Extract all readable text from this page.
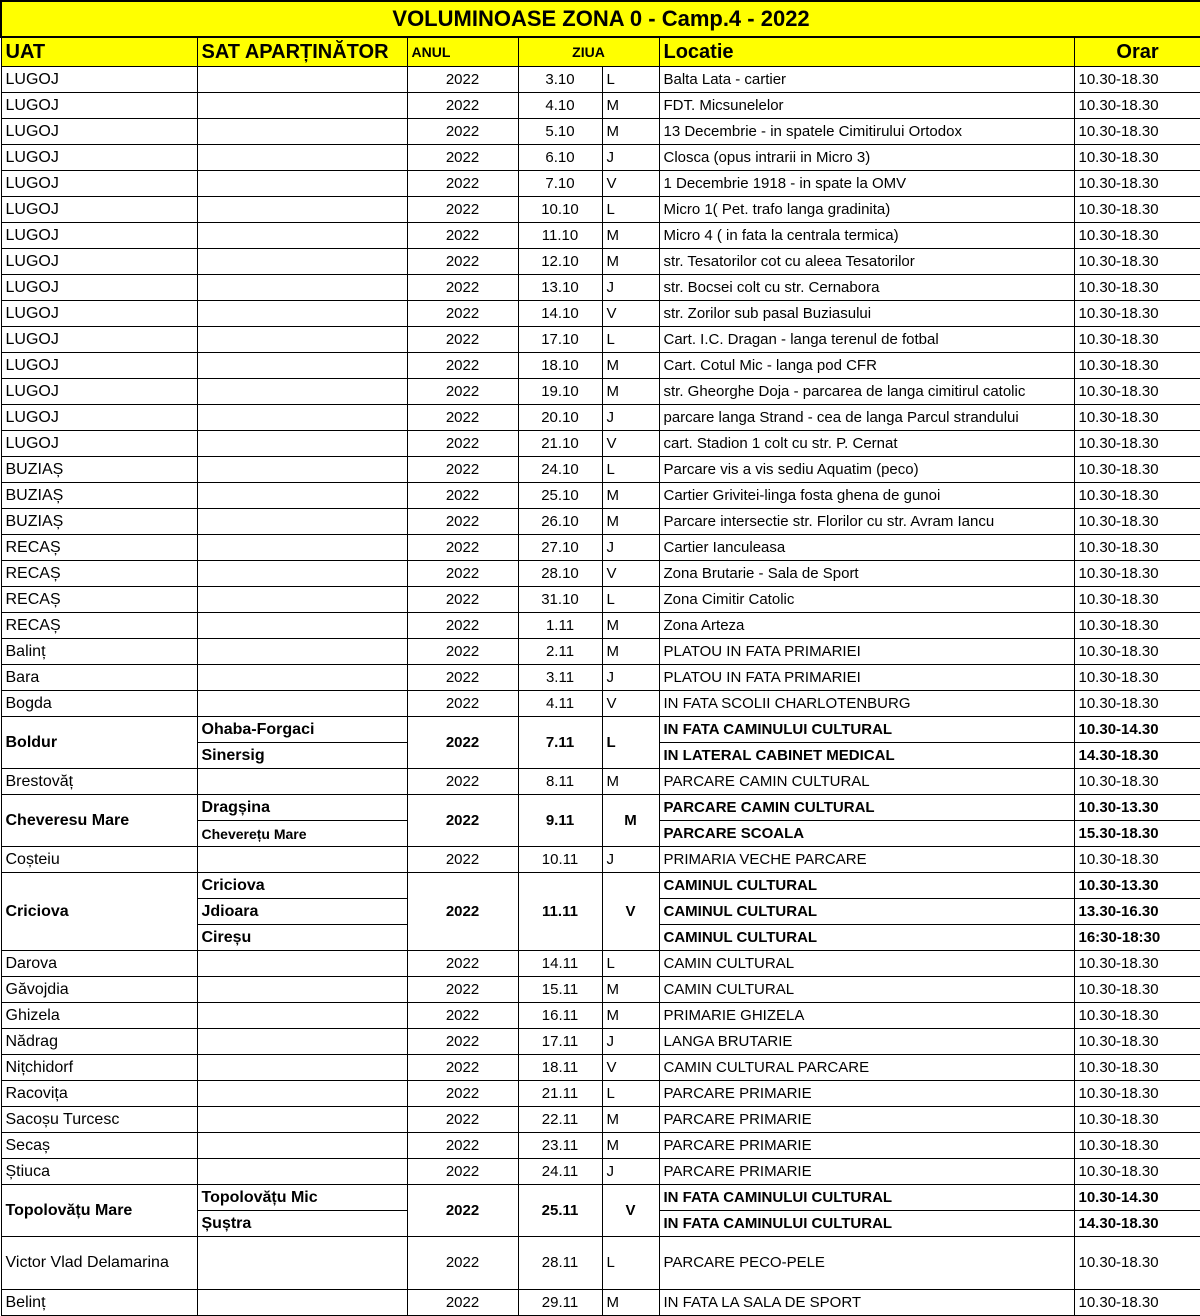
VOLUMINOASE ZONA 0 - Camp.4 - 2022						
UAT	SAT APARȚINĂTOR	ANUL	ZIUA		Locatie	Orar
LUGOJ		2022	3.10	L	Balta Lata - cartier	10.30-18.30
LUGOJ		2022	4.10	M	FDT. Micsunelelor	10.30-18.30
LUGOJ		2022	5.10	M	13 Decembrie - in spatele Cimitirului Ortodox	10.30-18.30
LUGOJ		2022	6.10	J	Closca (opus intrarii in Micro 3)	10.30-18.30
LUGOJ		2022	7.10	V	1 Decembrie 1918 - in spate la OMV	10.30-18.30
LUGOJ		2022	10.10	L	Micro 1( Pet. trafo langa gradinita)	10.30-18.30
LUGOJ		2022	11.10	M	Micro 4 ( in fata la centrala termica)	10.30-18.30
LUGOJ		2022	12.10	M	str. Tesatorilor cot cu aleea Tesatorilor	10.30-18.30
LUGOJ		2022	13.10	J	str. Bocsei colt cu str. Cernabora	10.30-18.30
LUGOJ		2022	14.10	V	str. Zorilor sub pasal Buziasului	10.30-18.30
LUGOJ		2022	17.10	L	Cart. I.C. Dragan - langa terenul de fotbal	10.30-18.30
LUGOJ		2022	18.10	M	Cart. Cotul Mic - langa pod CFR	10.30-18.30
LUGOJ		2022	19.10	M	str. Gheorghe Doja - parcarea de langa cimitirul catolic	10.30-18.30
LUGOJ		2022	20.10	J	parcare langa Strand - cea de langa Parcul strandului	10.30-18.30
LUGOJ		2022	21.10	V	cart. Stadion 1 colt cu str. P. Cernat	10.30-18.30
BUZIAȘ		2022	24.10	L	Parcare vis a vis sediu Aquatim (peco)	10.30-18.30
BUZIAȘ		2022	25.10	M	Cartier Grivitei-linga fosta ghena de gunoi	10.30-18.30
BUZIAȘ		2022	26.10	M	Parcare intersectie str. Florilor cu str. Avram Iancu	10.30-18.30
RECAȘ		2022	27.10	J	Cartier Ianculeasa	10.30-18.30
RECAȘ		2022	28.10	V	Zona Brutarie - Sala de Sport	10.30-18.30
RECAȘ		2022	31.10	L	Zona Cimitir Catolic	10.30-18.30
RECAȘ		2022	1.11	M	Zona Arteza	10.30-18.30
Balinț		2022	2.11	M	PLATOU IN FATA PRIMARIEI	10.30-18.30
Bara		2022	3.11	J	PLATOU IN FATA PRIMARIEI	10.30-18.30
Bogda		2022	4.11	V	IN FATA SCOLII CHARLOTENBURG	10.30-18.30
Boldur	Ohaba-Forgaci	2022	7.11	L	IN FATA CAMINULUI CULTURAL	10.30-14.30
	Sinersig				IN LATERAL CABINET MEDICAL	14.30-18.30
Brestovăț		2022	8.11	M	PARCARE CAMIN CULTURAL	10.30-18.30
Cheveresu Mare	Dragșina	2022	9.11	M	PARCARE CAMIN CULTURAL	10.30-13.30
	Cheverețu Mare				PARCARE SCOALA	15.30-18.30
Coșteiu		2022	10.11	J	PRIMARIA VECHE PARCARE	10.30-18.30
Criciova	Criciova	2022	11.11	V	CAMINUL CULTURAL	10.30-13.30
	Jdioara				CAMINUL CULTURAL	13.30-16.30
	Cireșu				CAMINUL CULTURAL	16:30-18:30
Darova		2022	14.11	L	CAMIN CULTURAL	10.30-18.30
Găvojdia		2022	15.11	M	CAMIN CULTURAL	10.30-18.30
Ghizela		2022	16.11	M	PRIMARIE GHIZELA	10.30-18.30
Nădrag		2022	17.11	J	LANGA BRUTARIE	10.30-18.30
Nițchidorf		2022	18.11	V	CAMIN CULTURAL PARCARE	10.30-18.30
Racovița		2022	21.11	L	PARCARE PRIMARIE	10.30-18.30
Sacoșu Turcesc		2022	22.11	M	PARCARE PRIMARIE	10.30-18.30
Secaș		2022	23.11	M	PARCARE PRIMARIE	10.30-18.30
Știuca		2022	24.11	J	PARCARE PRIMARIE	10.30-18.30
Topolovățu Mare	Topolovățu Mic	2022	25.11	V	IN FATA CAMINULUI CULTURAL	10.30-14.30
	Șuștra				IN FATA CAMINULUI CULTURAL	14.30-18.30
Victor Vlad Delamarina		2022	28.11	L	PARCARE PECO-PELE	10.30-18.30
Belinț		2022	29.11	M	IN FATA LA SALA DE SPORT	10.30-18.30
